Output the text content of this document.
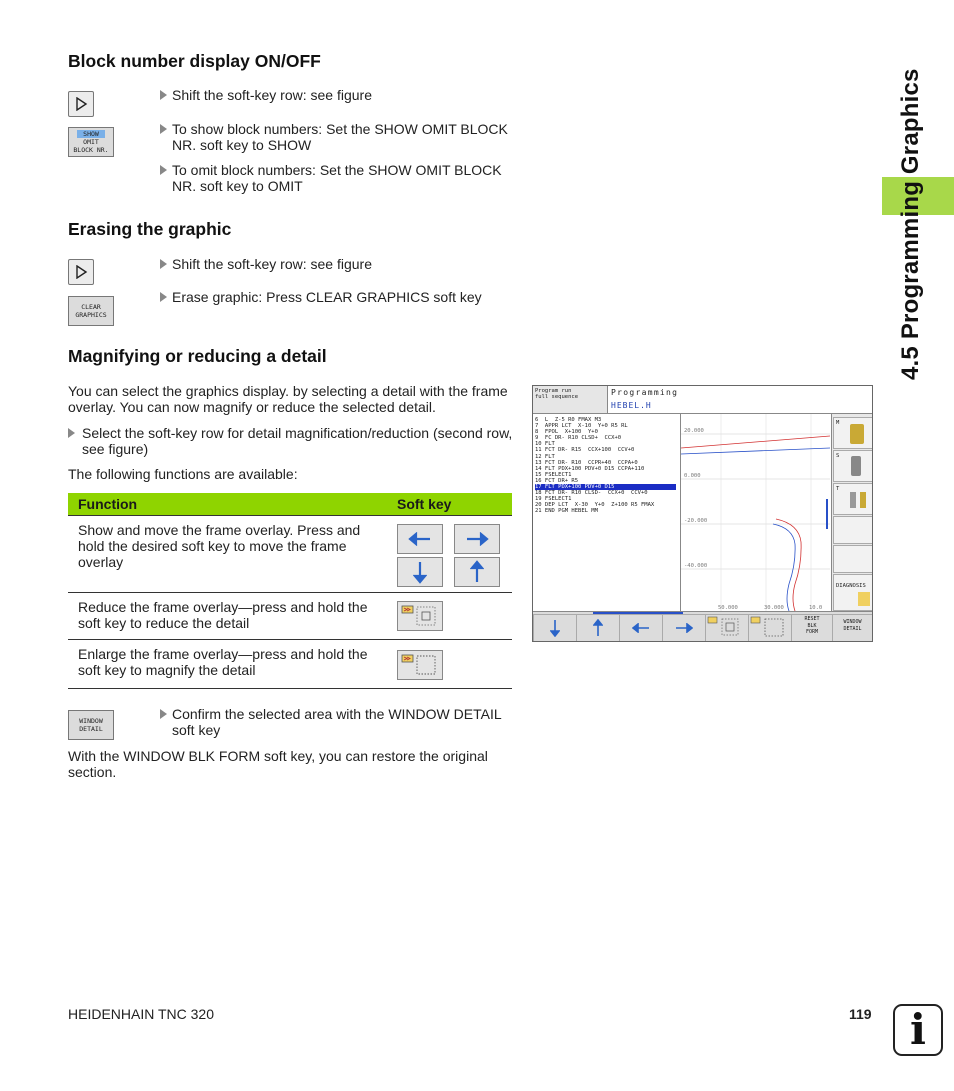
4.5 Programming Graphics
Block number display ON/OFF
Shift the soft-key row: see figure
SHOW
OMIT
BLOCK NR.
To show block numbers: Set the SHOW OMIT BLOCK NR. soft key to SHOW
To omit block numbers: Set the SHOW OMIT BLOCK NR. soft key to OMIT
Erasing the graphic
Shift the soft-key row: see figure
CLEAR
GRAPHICS
Erase graphic: Press CLEAR GRAPHICS soft key
Magnifying or reducing a detail
You can select the graphics display. by selecting a detail with the frame overlay. You can now magnify or reduce the selected detail.
Select the soft-key row for detail magnification/reduction (second row, see figure)
The following functions are available:
Function	Soft key
Show and move the frame overlay. Press and hold the desired soft key to move the frame overlay
Reduce the frame overlay—press and hold the soft key to reduce the detail
Enlarge the frame overlay—press and hold the soft key to magnify the detail
WINDOW
DETAIL
Confirm the selected area with the WINDOW DETAIL soft key
With the WINDOW BLK FORM soft key, you can restore the original section.
Program run
full sequence	Programming
HEBEL.H
6  L  Z-5 R0 FMAX M3
7  APPR LCT  X-10  Y+0 R5 RL
8  FPOL  X+100  Y+0
9  FC DR- R10 CLSD+  CCX+0
10 FLT
11 FCT DR- R15  CCX+100  CCV+0
12 FLT
13 FCT DR- R10  CCPR+40  CCPA+0
14 FLT PDX+100 PDV+0 D15 CCPA+110
15 FSELECT1
16 FCT DR+ R5
17 FLT PDX+100 PDV+0 D15
18 FCT DR- R10 CLSD-  CCX+0  CCV+0
19 FSELECT1
20 DEP LCT  X-30  Y+0  Z+100 R5 FMAX
21 END PGM HEBEL MM
20.000
0.000
-20.000
-40.000
50.000	30.000	10.0
M
S
T
DIAGNOSIS
RESET
BLK
FORM
WINDOW
DETAIL
HEIDENHAIN TNC 320	119 i
